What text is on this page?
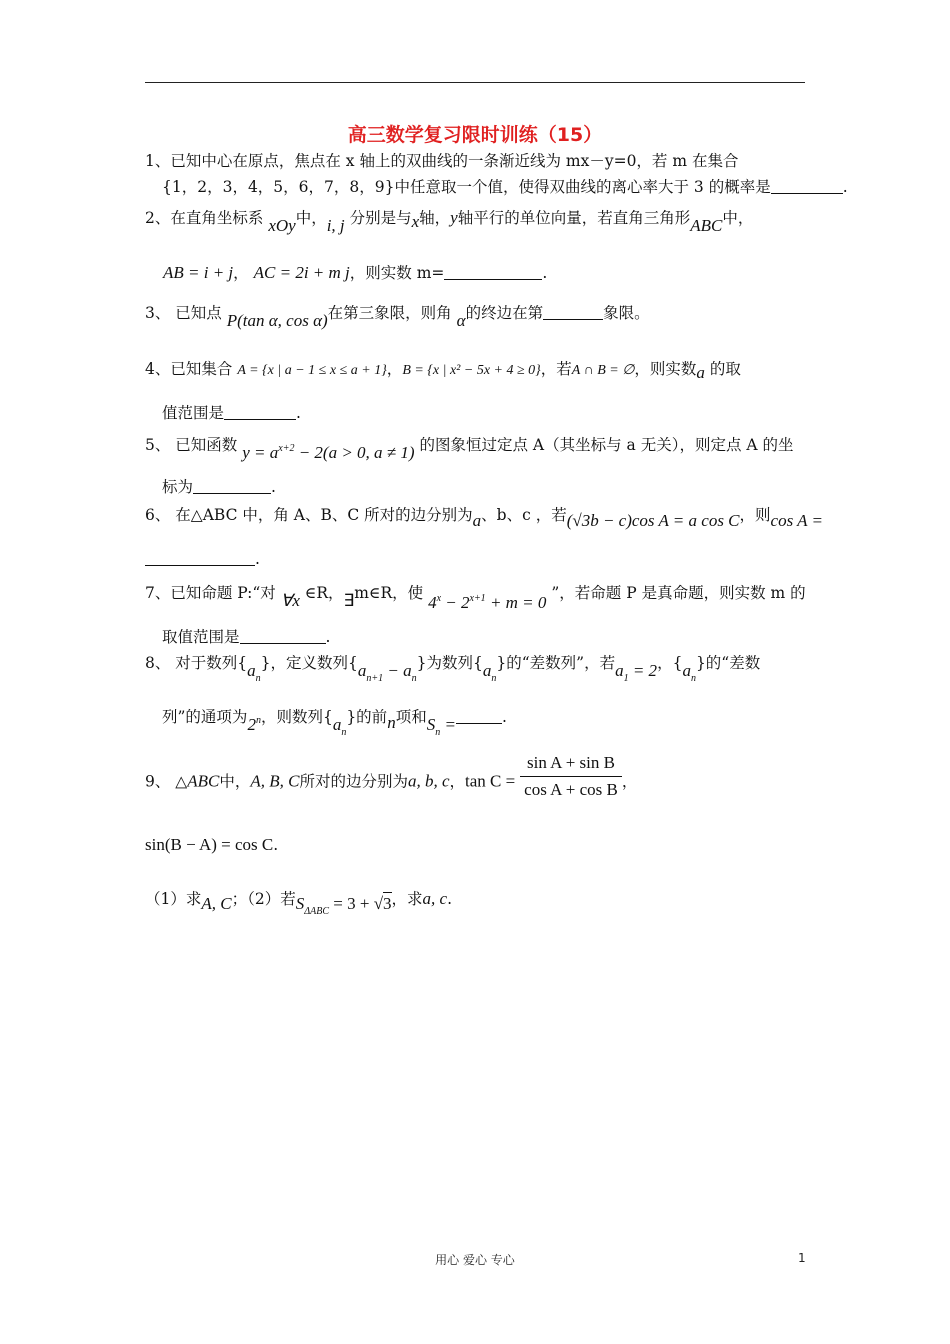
高三数学复习限时训练（15）
1、已知中心在原点，焦点在 x 轴上的双曲线的一条渐近线为 mx－y=0，若 m 在集合
{1，2，3，4，5，6，7，8，9}中任意取一个值，使得双曲线的离心率大于 3 的概率是	.
2、在直角坐标系 xOy中，i, j 分别是与x轴，y轴平行的单位向量，若直角三角形ABC中，
AB = i + j， AC = 2i + m j，则实数 m=	.
3、 已知点 P(tan α, cos α)在第三象限，则角 α的终边在第	象限。
4、已知集合 A = {x | a − 1 ≤ x ≤ a + 1}，B = {x | x² − 5x + 4 ≥ 0}，若A ∩ B = ∅，则实数a 的取
值范围是	.
5、 已知函数 $y = a^{x+2} - 2(a > 0$, a ≠ 1) 的图象恒过定点 A（其坐标与 a 无关），则定点 A 的坐
标为	.
6、 在△ABC 中，角 A、B、C 所对的边分别为a、b、c ，若(√3b − c)cos A = a cos C，则cos A =
.
7、已知命题 P:“对 ∀x ∈R，∃m∈R，使 $4^x - 2^{x+1} + m = 0$ ”，若命题 P 是真命题，则实数 m 的
取值范围是	.
8、 对于数列$\{a_n\}$，定义数列$\{a_{n+1} - a_n\}$为数列$\{a_n\}$的“差数列”，若$a_1 = 2$，$\{a_n\}$的“差数
列”的通项为2$^n$，则数列$\{a_n\}$的前n项和$S_n$ =	.
9、 △ABC中，A, B, C所对的边分别为a, b, c，$\tan C = \frac{\text{sin A + sin B}}{\text{cos A + cos B}}$ ，
sin(B − A) = cos C.
（1）求A, C；（2）若$S_{\Delta ABC} = 3 + √3$，求a, c.
用心 爱心 专心	1
